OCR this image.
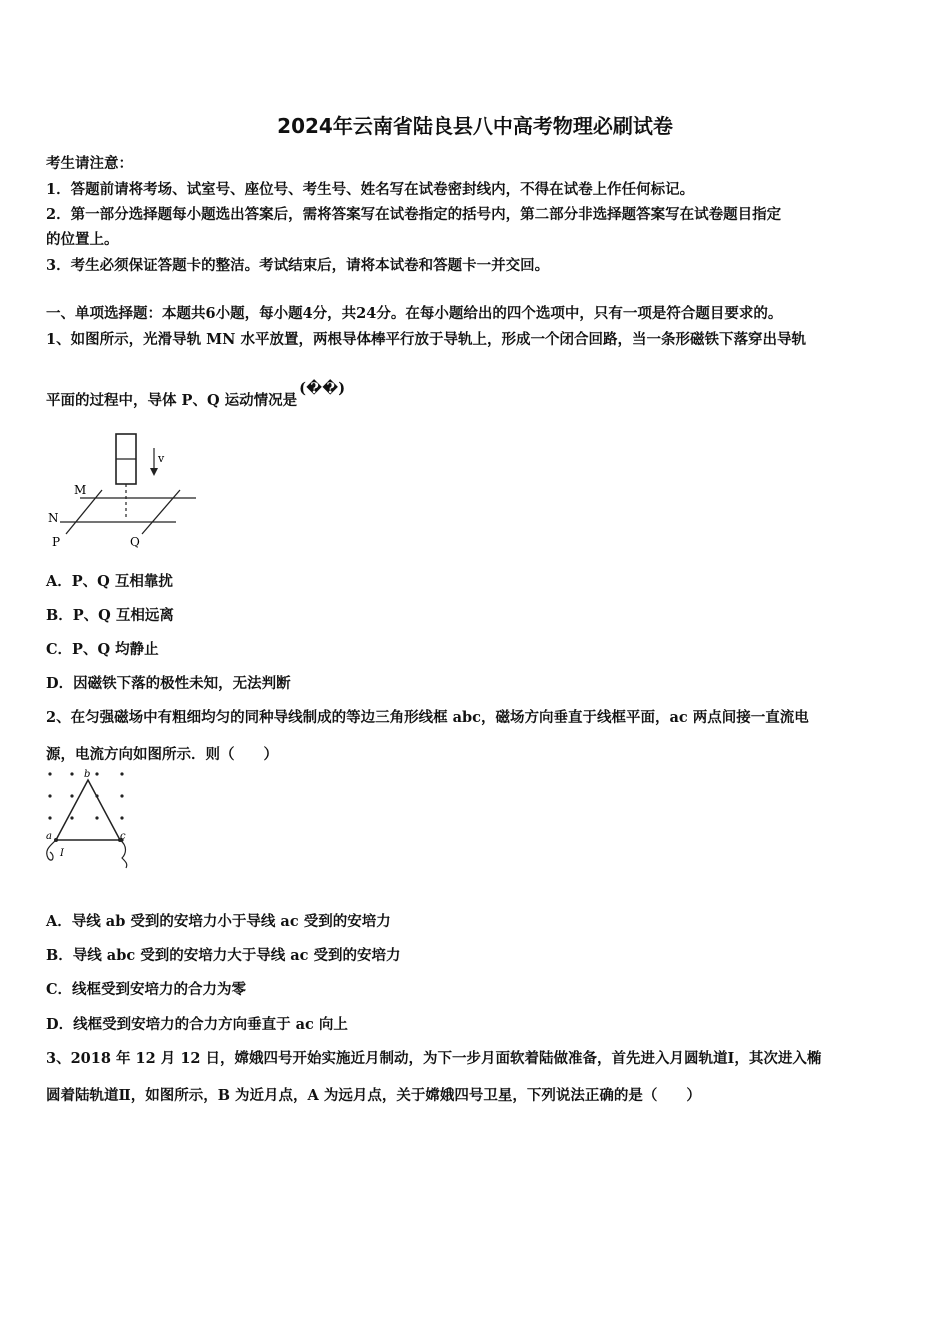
2024年云南省陆良县八中高考物理必刷试卷
考生请注意：
1．答题前请将考场、试室号、座位号、考生号、姓名写在试卷密封线内，不得在试卷上作任何标记。
2．第一部分选择题每小题选出答案后，需将答案写在试卷指定的括号内，第二部分非选择题答案写在试卷题目指定
的位置上。
3．考生必须保证答题卡的整洁。考试结束后，请将本试卷和答题卡一并交回。
一、单项选择题：本题共6小题，每小题4分，共24分。在每小题给出的四个选项中，只有一项是符合题目要求的。
1、如图所示，光滑导轨 MN 水平放置，两根导体棒平行放于导轨上，形成一个闭合回路，当一条形磁铁下落穿出导轨
平面的过程中，导体 P、Q 运动情况是(��)
v
M
N
P	Q
A．P、Q 互相靠扰
B．P、Q 互相远离
C．P、Q 均静止
D．因磁铁下落的极性未知，无法判断
2、在匀强磁场中有粗细均匀的同种导线制成的等边三角形线框 abc，磁场方向垂直于线框平面，ac 两点间接一直流电
源，电流方向如图所示．则（　　）
a
b
c
I
A．导线 ab 受到的安培力小于导线 ac 受到的安培力
B．导线 abc 受到的安培力大于导线 ac 受到的安培力
C．线框受到安培力的合力为零
D．线框受到安培力的合力方向垂直于 ac 向上
3、2018 年 12 月 12 日，嫦娥四号开始实施近月制动，为下一步月面软着陆做准备，首先进入月圆轨道Ⅰ，其次进入椭
圆着陆轨道Ⅱ，如图所示，B 为近月点，A 为远月点，关于嫦娥四号卫星，下列说法正确的是（　　）
